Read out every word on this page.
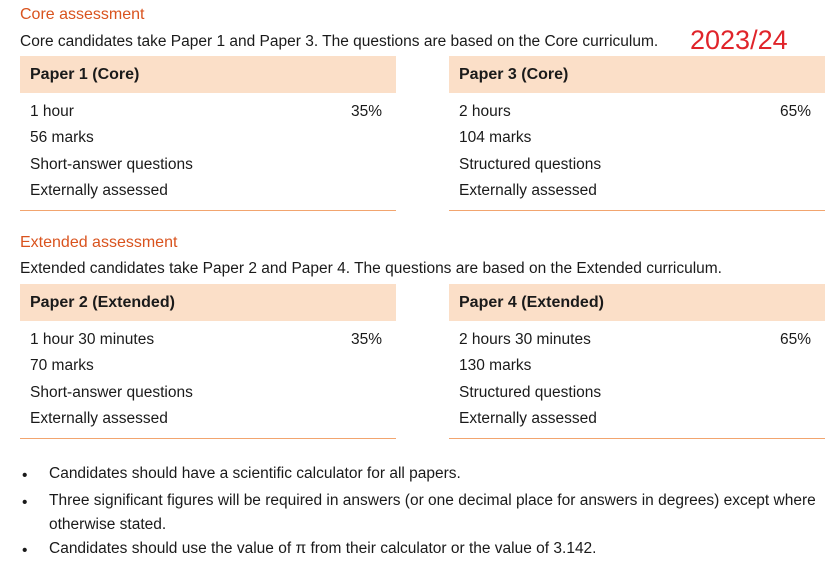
Core assessment
Core candidates take Paper 1 and Paper 3. The questions are based on the Core curriculum. 2023/24
Paper 1 (Core)
1 hour	35%
56 marks
Short-answer questions
Externally assessed
Paper 3 (Core)
2 hours	65%
104 marks
Structured questions
Externally assessed
Extended assessment
Extended candidates take Paper 2 and Paper 4. The questions are based on the Extended curriculum.
Paper 2 (Extended)
1 hour 30 minutes	35%
70 marks
Short-answer questions
Externally assessed
Paper 4 (Extended)
2 hours 30 minutes	65%
130 marks
Structured questions
Externally assessed
• Candidates should have a scientific calculator for all papers.
• Three significant figures will be required in answers (or one decimal place for answers in degrees) except where otherwise stated.
• Candidates should use the value of π from their calculator or the value of 3.142.
